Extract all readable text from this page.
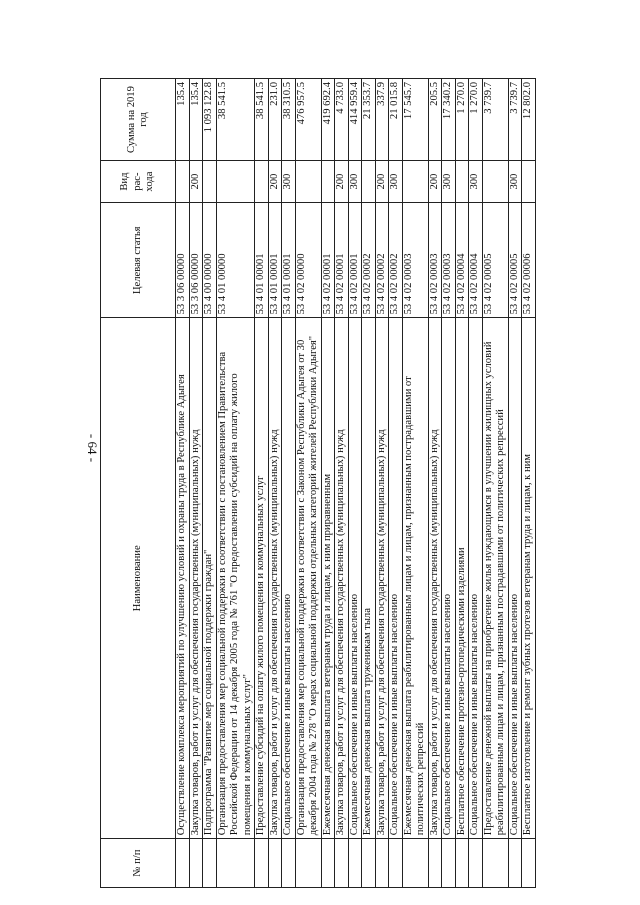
- 64 -
№ п/п	Наименование	Целевая статья	Вид рас- хода	Сумма на 2019 год
	Осуществление комплекса мероприятий по улучшению условий и охраны труда в Республике Адыгея	53 3 06 00000		135.4
	Закупка товаров, работ и услуг для обеспечения государственных (муниципальных) нужд	53 3 06 00000	200	135.4
	Подпрограмма "Развитие мер социальной поддержки граждан"	53 4 00 00000		1 093 122.8
	Организация предоставления мер социальной поддержки в соответствии с постановлением Правительства Российской Федерации от 14 декабря 2005 года № 761 "О предоставлении субсидий на оплату жилого помещения и коммунальных услуг"	53 4 01 00000		38 541.5
	Предоставление субсидий на оплату жилого помещения и коммунальных услуг	53 4 01 00001		38 541.5
	Закупка товаров, работ и услуг для обеспечения государственных (муниципальных) нужд	53 4 01 00001	200	231.0
	Социальное обеспечение и иные выплаты населению	53 4 01 00001	300	38 310.5
	Организация предоставления мер социальной поддержки в соответствии с Законом Республики Адыгея от 30 декабря 2004 года № 278 "О мерах социальной поддержки отдельных категорий жителей Республики Адыгея"	53 4 02 00000		476 957.5
	Ежемесячная денежная выплата ветеранам труда и лицам, к ним приравненным	53 4 02 00001		419 692.4
	Закупка товаров, работ и услуг для обеспечения государственных (муниципальных) нужд	53 4 02 00001	200	4 733.0
	Социальное обеспечение и иные выплаты населению	53 4 02 00001	300	414 959.4
	Ежемесячная денежная выплата труженикам тыла	53 4 02 00002		21 353.7
	Закупка товаров, работ и услуг для обеспечения государственных (муниципальных) нужд	53 4 02 00002	200	337.9
	Социальное обеспечение и иные выплаты населению	53 4 02 00002	300	21 015.8
	Ежемесячная денежная выплата реабилитированным лицам и лицам, признанным пострадавшими от политических репрессий	53 4 02 00003		17 545.7
	Закупка товаров, работ и услуг для обеспечения государственных (муниципальных) нужд	53 4 02 00003	200	205.5
	Социальное обеспечение и иные выплаты населению	53 4 02 00003	300	17 340.2
	Бесплатное обеспечение протезно-ортопедическими изделиями	53 4 02 00004		1 270.0
	Социальное обеспечение и иные выплаты населению	53 4 02 00004	300	1 270.0
	Предоставление денежной выплаты на приобретение жилья нуждающимся в улучшении жилищных условий реабилитированным лицам и лицам, признанным пострадавшими от политических репрессий	53 4 02 00005		3 739.7
	Социальное обеспечение и иные выплаты населению	53 4 02 00005	300	3 739.7
	Бесплатное изготовление и ремонт зубных протезов ветеранам труда и лицам, к ним	53 4 02 00006		12 802.0
